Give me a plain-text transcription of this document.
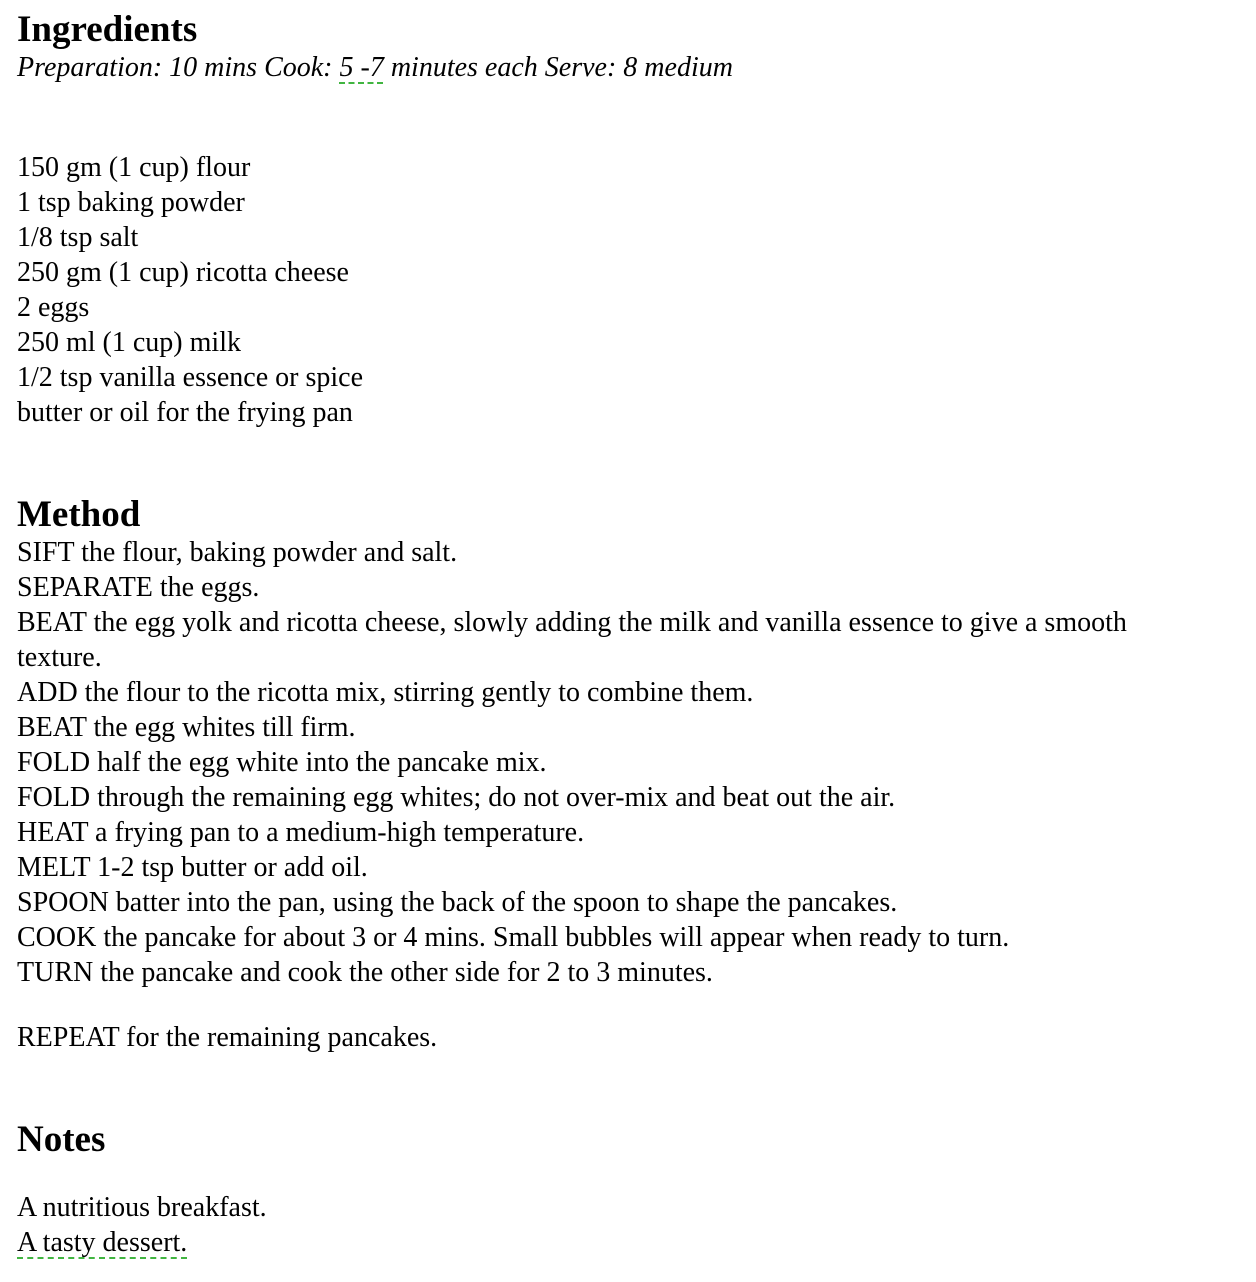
Ingredients
Preparation: 10 mins Cook: 5 -7 minutes each Serve: 8 medium
150 gm (1 cup) flour
1 tsp baking powder
1/8 tsp salt
250 gm (1 cup) ricotta cheese
2 eggs
250 ml (1 cup) milk
1/2 tsp vanilla essence or spice
butter or oil for the frying pan
Method
SIFT the flour, baking powder and salt.
SEPARATE the eggs.
BEAT the egg yolk and ricotta cheese, slowly adding the milk and vanilla essence to give a smooth texture.
ADD the flour to the ricotta mix, stirring gently to combine them.
BEAT the egg whites till firm.
FOLD half the egg white into the pancake mix.
FOLD through the remaining egg whites; do not over-mix and beat out the air.
HEAT a frying pan to a medium-high temperature.
MELT 1-2 tsp butter or add oil.
SPOON batter into the pan, using the back of the spoon to shape the pancakes.
COOK the pancake for about 3 or 4 mins. Small bubbles will appear when ready to turn.
TURN the pancake and cook the other side for 2 to 3 minutes.
REPEAT for the remaining pancakes.
Notes
A nutritious breakfast.
A tasty dessert.
